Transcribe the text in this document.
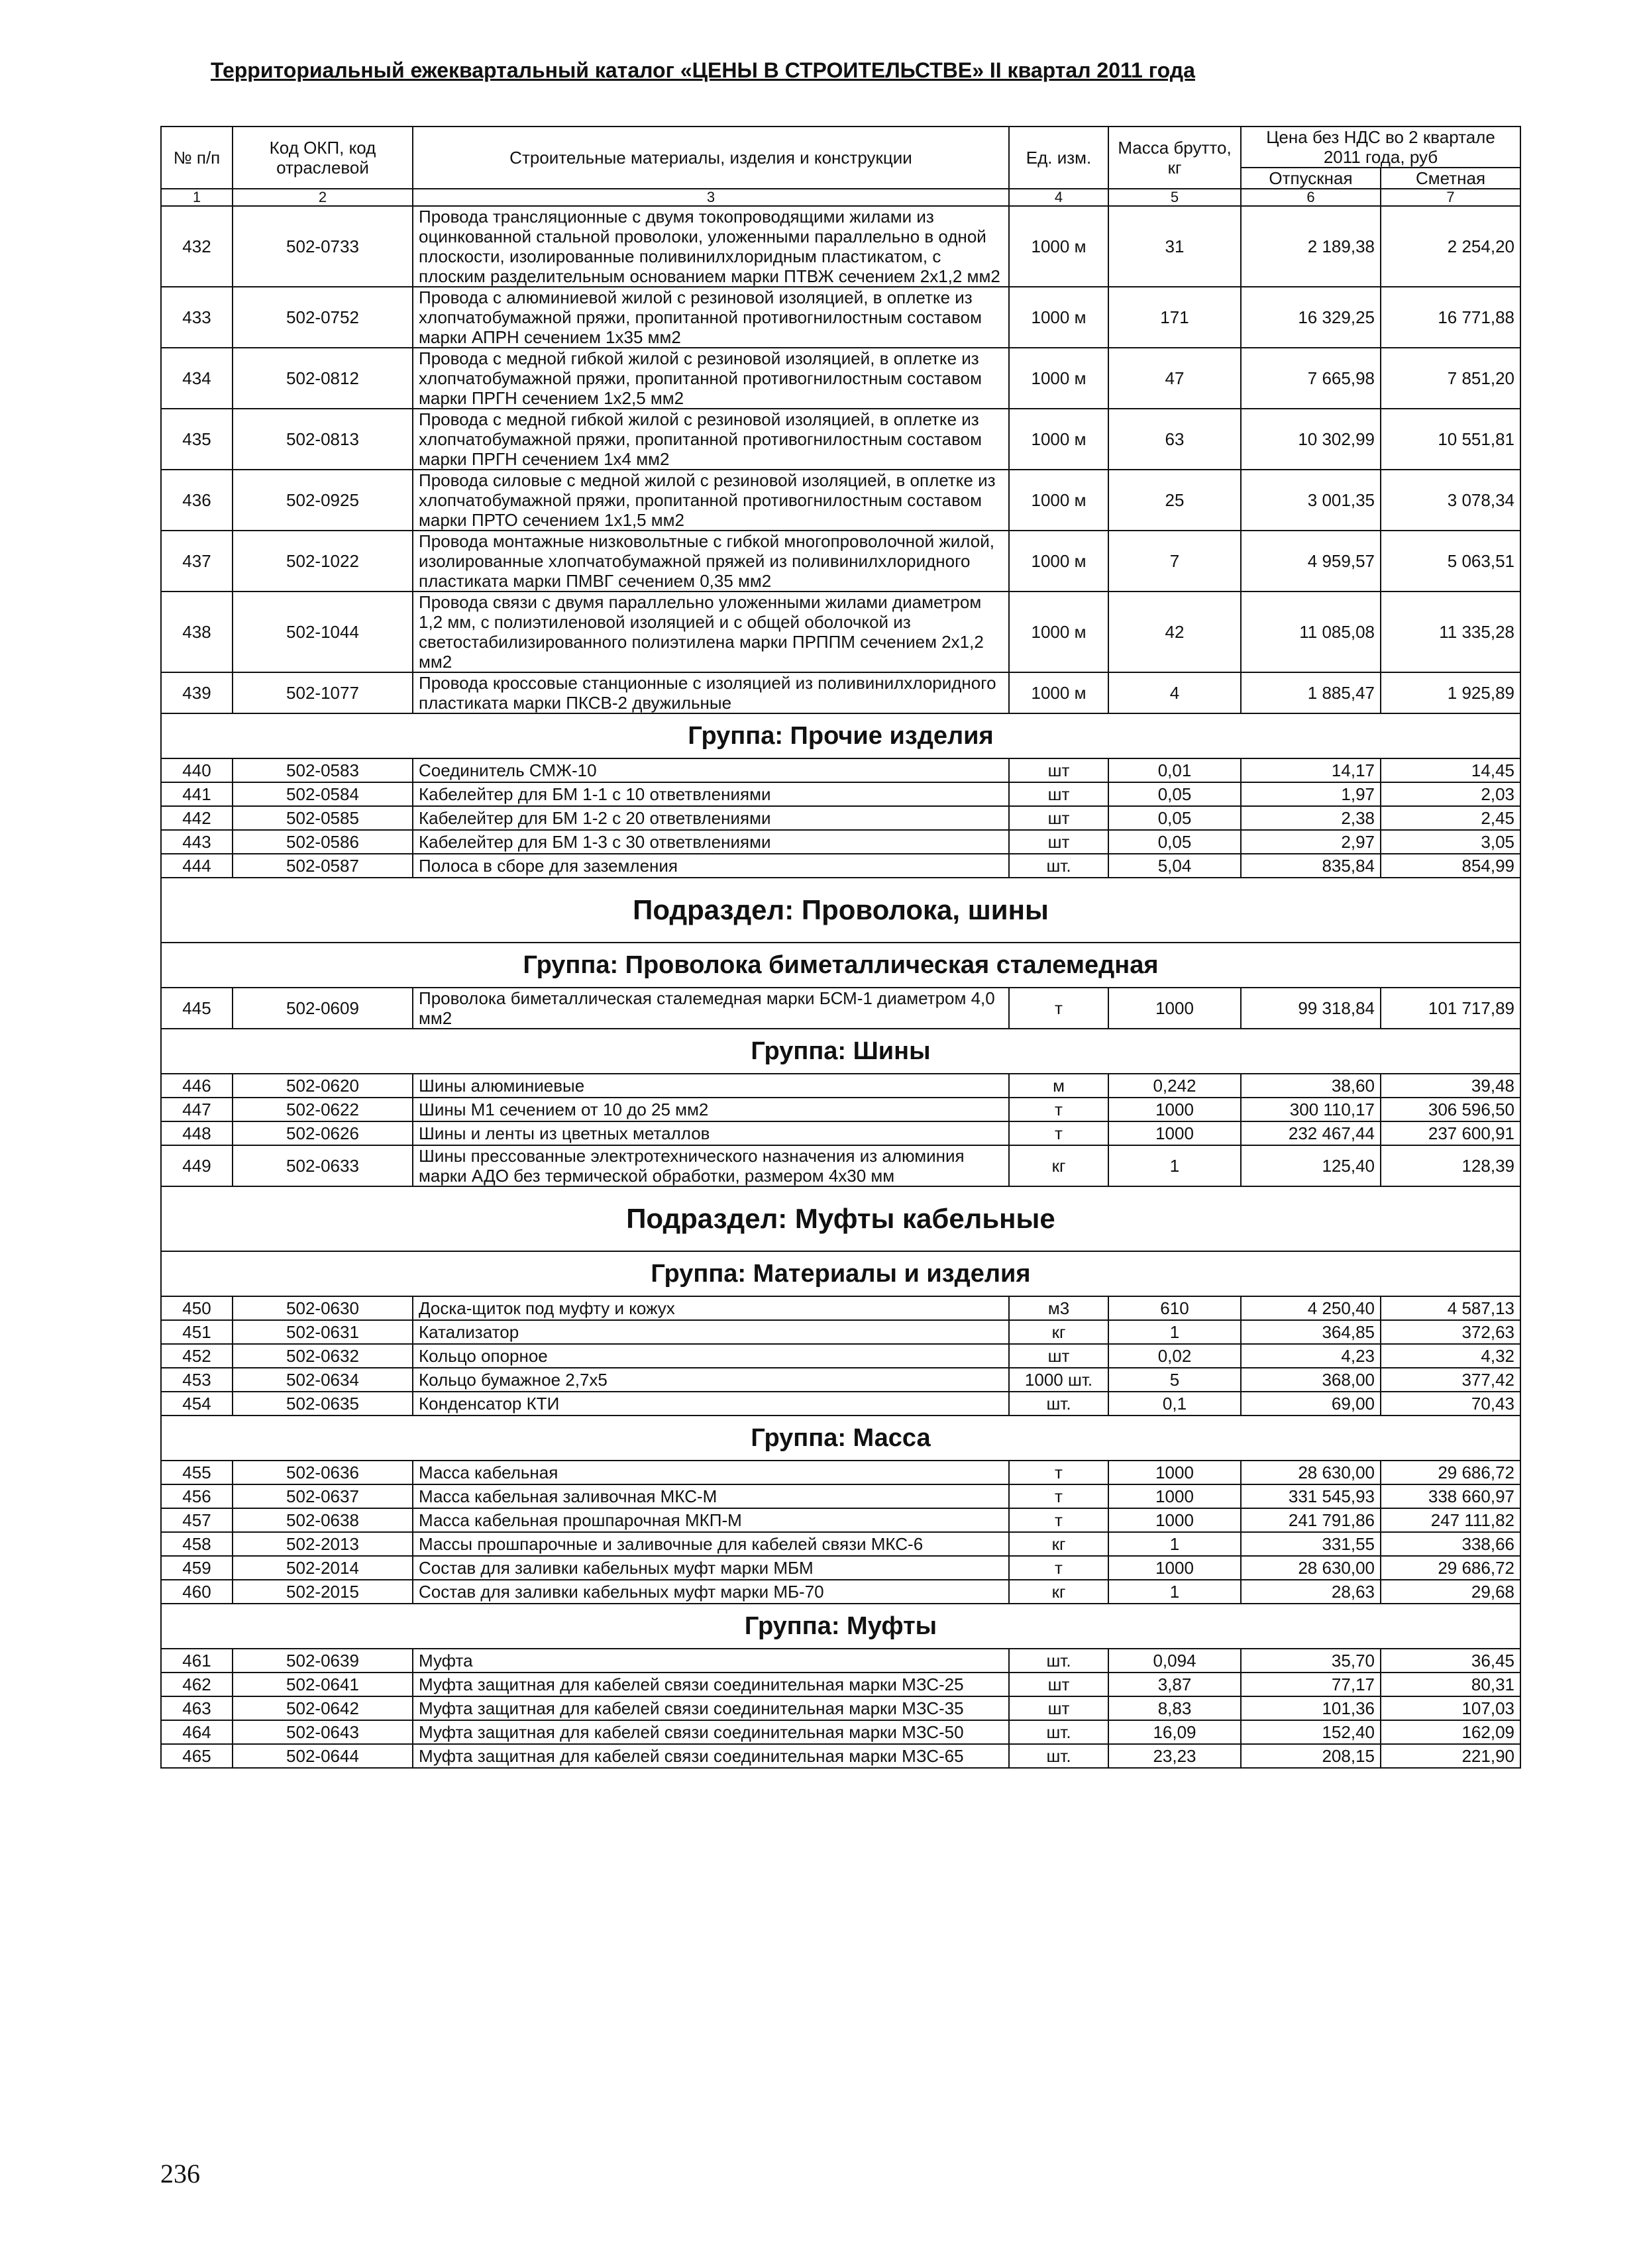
Территориальный ежеквартальный каталог «ЦЕНЫ В СТРОИТЕЛЬСТВЕ» II квартал 2011 года
№ п/п	Код ОКП, код отраслевой	Строительные материалы, изделия и конструкции	Ед. изм.	Масса брутто, кг	Цена без НДС во 2 квартале 2011 года, руб	
					Отпускная	Сметная
1	2	3	4	5	6	7
432	502-0733	Провода трансляционные с двумя токопроводящими жилами из оцинкованной стальной проволоки, уложенными параллельно в одной плоскости, изолированные поливинилхлоридным пластикатом, с плоским разделительным основанием марки ПТВЖ сечением 2х1,2 мм2	1000 м	31	2 189,38	2 254,20
433	502-0752	Провода с алюминиевой жилой с резиновой изоляцией, в оплетке из хлопчатобумажной пряжи, пропитанной противогнилостным составом марки АПРН сечением 1х35 мм2	1000 м	171	16 329,25	16 771,88
434	502-0812	Провода с медной гибкой жилой с резиновой изоляцией, в оплетке из хлопчатобумажной пряжи, пропитанной противогнилостным составом марки ПРГН сечением 1х2,5 мм2	1000 м	47	7 665,98	7 851,20
435	502-0813	Провода с медной гибкой жилой с резиновой изоляцией, в оплетке из хлопчатобумажной пряжи, пропитанной противогнилостным составом марки ПРГН сечением 1х4 мм2	1000 м	63	10 302,99	10 551,81
436	502-0925	Провода силовые с медной жилой с резиновой изоляцией, в оплетке из хлопчатобумажной пряжи, пропитанной противогнилостным составом марки ПРТО сечением 1х1,5 мм2	1000 м	25	3 001,35	3 078,34
437	502-1022	Провода монтажные низковольтные с гибкой многопроволочной жилой, изолированные хлопчатобумажной пряжей из поливинилхлоридного пластиката марки ПМВГ сечением 0,35 мм2	1000 м	7	4 959,57	5 063,51
438	502-1044	Провода связи с двумя параллельно уложенными жилами диаметром 1,2 мм, с полиэтиленовой изоляцией и с общей оболочкой из светостабилизированного полиэтилена марки ПРППМ сечением 2х1,2 мм2	1000 м	42	11 085,08	11 335,28
439	502-1077	Провода кроссовые станционные с изоляцией из поливинилхлоридного пластиката марки ПКСВ-2 двужильные	1000 м	4	1 885,47	1 925,89
Группа: Прочие изделия						
440	502-0583	Соединитель СМЖ-10	шт	0,01	14,17	14,45
441	502-0584	Кабелейтер для БМ 1-1 с 10 ответвлениями	шт	0,05	1,97	2,03
442	502-0585	Кабелейтер для БМ 1-2 с 20 ответвлениями	шт	0,05	2,38	2,45
443	502-0586	Кабелейтер для БМ 1-3 с 30 ответвлениями	шт	0,05	2,97	3,05
444	502-0587	Полоса в сборе для заземления	шт.	5,04	835,84	854,99
Подраздел: Проволока, шины						
Группа: Проволока биметаллическая сталемедная						
445	502-0609	Проволока биметаллическая сталемедная марки БСМ-1 диаметром 4,0 мм2	т	1000	99 318,84	101 717,89
Группа: Шины						
446	502-0620	Шины алюминиевые	м	0,242	38,60	39,48
447	502-0622	Шины М1 сечением от 10 до 25 мм2	т	1000	300 110,17	306 596,50
448	502-0626	Шины и ленты из цветных металлов	т	1000	232 467,44	237 600,91
449	502-0633	Шины прессованные электротехнического назначения из алюминия марки АДО без термической обработки, размером 4х30 мм	кг	1	125,40	128,39
Подраздел: Муфты кабельные						
Группа: Материалы и изделия						
450	502-0630	Доска-щиток под муфту и кожух	м3	610	4 250,40	4 587,13
451	502-0631	Катализатор	кг	1	364,85	372,63
452	502-0632	Кольцо опорное	шт	0,02	4,23	4,32
453	502-0634	Кольцо бумажное 2,7х5	1000 шт.	5	368,00	377,42
454	502-0635	Конденсатор КТИ	шт.	0,1	69,00	70,43
Группа: Масса						
455	502-0636	Масса кабельная	т	1000	28 630,00	29 686,72
456	502-0637	Масса кабельная заливочная МКС-М	т	1000	331 545,93	338 660,97
457	502-0638	Масса кабельная прошпарочная МКП-М	т	1000	241 791,86	247 111,82
458	502-2013	Массы прошпарочные и заливочные для кабелей связи МКС-6	кг	1	331,55	338,66
459	502-2014	Состав для заливки кабельных муфт марки МБМ	т	1000	28 630,00	29 686,72
460	502-2015	Состав для заливки кабельных муфт марки МБ-70	кг	1	28,63	29,68
Группа: Муфты						
461	502-0639	Муфта	шт.	0,094	35,70	36,45
462	502-0641	Муфта защитная для кабелей связи соединительная марки МЗС-25	шт	3,87	77,17	80,31
463	502-0642	Муфта защитная для кабелей связи соединительная марки МЗС-35	шт	8,83	101,36	107,03
464	502-0643	Муфта защитная для кабелей связи соединительная марки МЗС-50	шт.	16,09	152,40	162,09
465	502-0644	Муфта защитная для кабелей связи соединительная марки МЗС-65	шт.	23,23	208,15	221,90
236
